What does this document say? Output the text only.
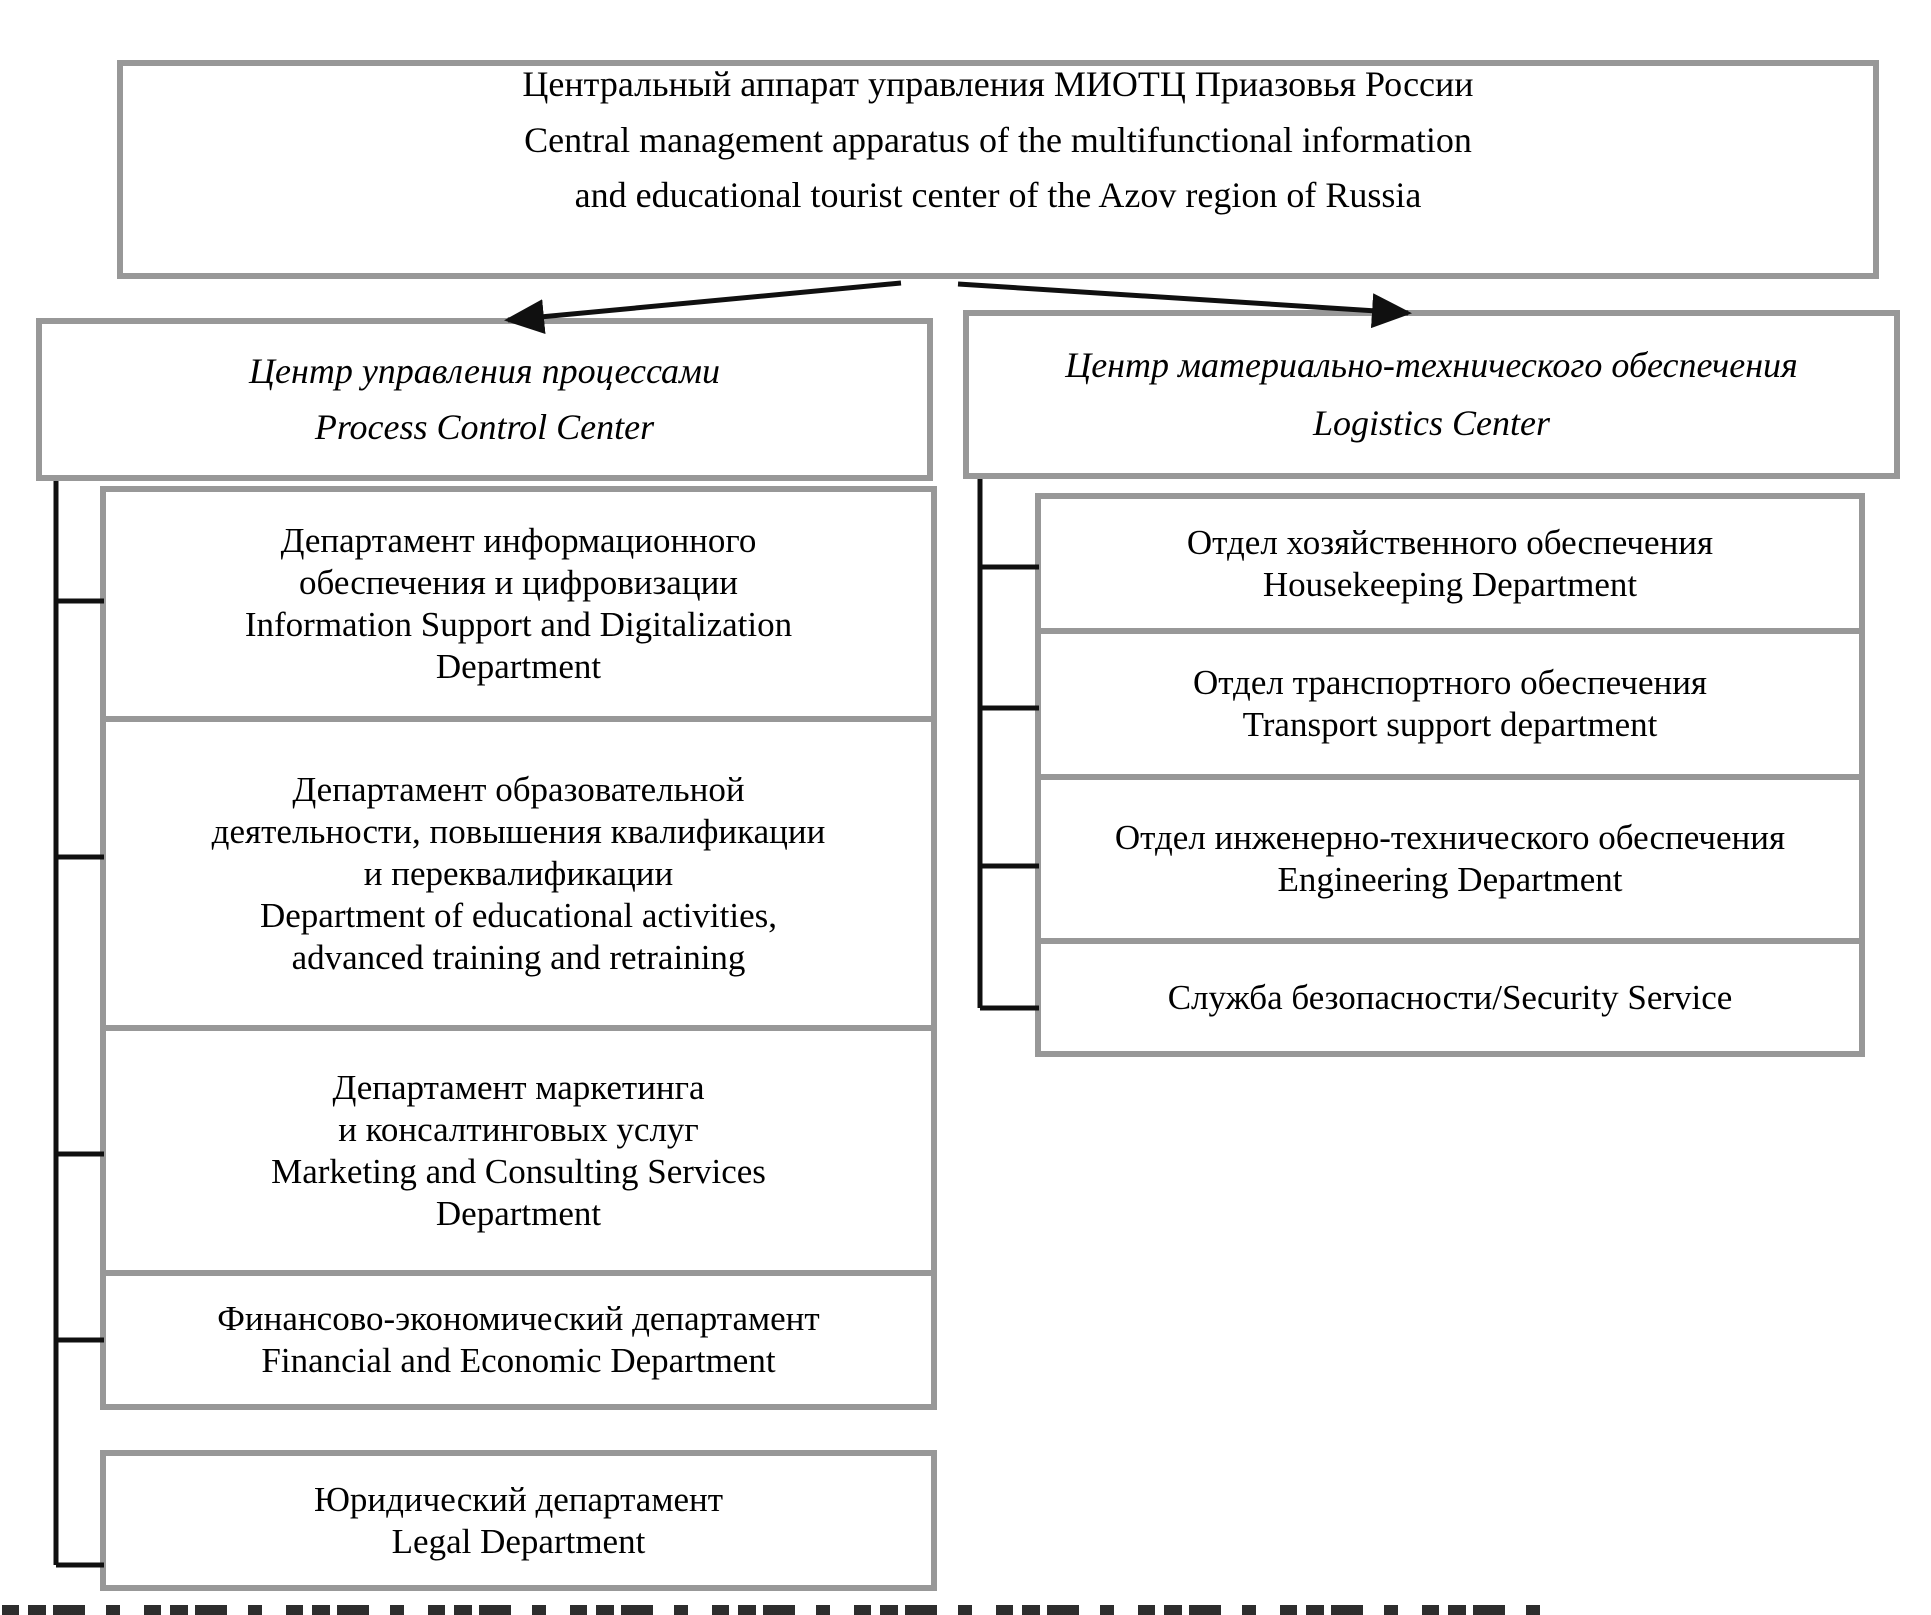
Центральный аппарат управления МИОТЦ Приазовья России
Central management apparatus of the multifunctional information
and educational tourist center of the Azov region of Russia
Центр управления процессами
Process Control Center
Центр материально-технического обеспечения
Logistics Center
Департамент информационного
обеспечения и цифровизации
Information Support and Digitalization
Department
Департамент образовательной
деятельности, повышения квалификации
и переквалификации
Department of educational activities,
advanced training and retraining
Департамент маркетинга
и консалтинговых услуг
Marketing and Consulting Services
Department
Финансово-экономический департамент
Financial and Economic Department
Юридический департамент
Legal Department
Отдел хозяйственного обеспечения
Housekeeping Department
Отдел транспортного обеспечения
Transport support department
Отдел инженерно-технического обеспечения
Engineering Department
Служба безопасности/Security Service
